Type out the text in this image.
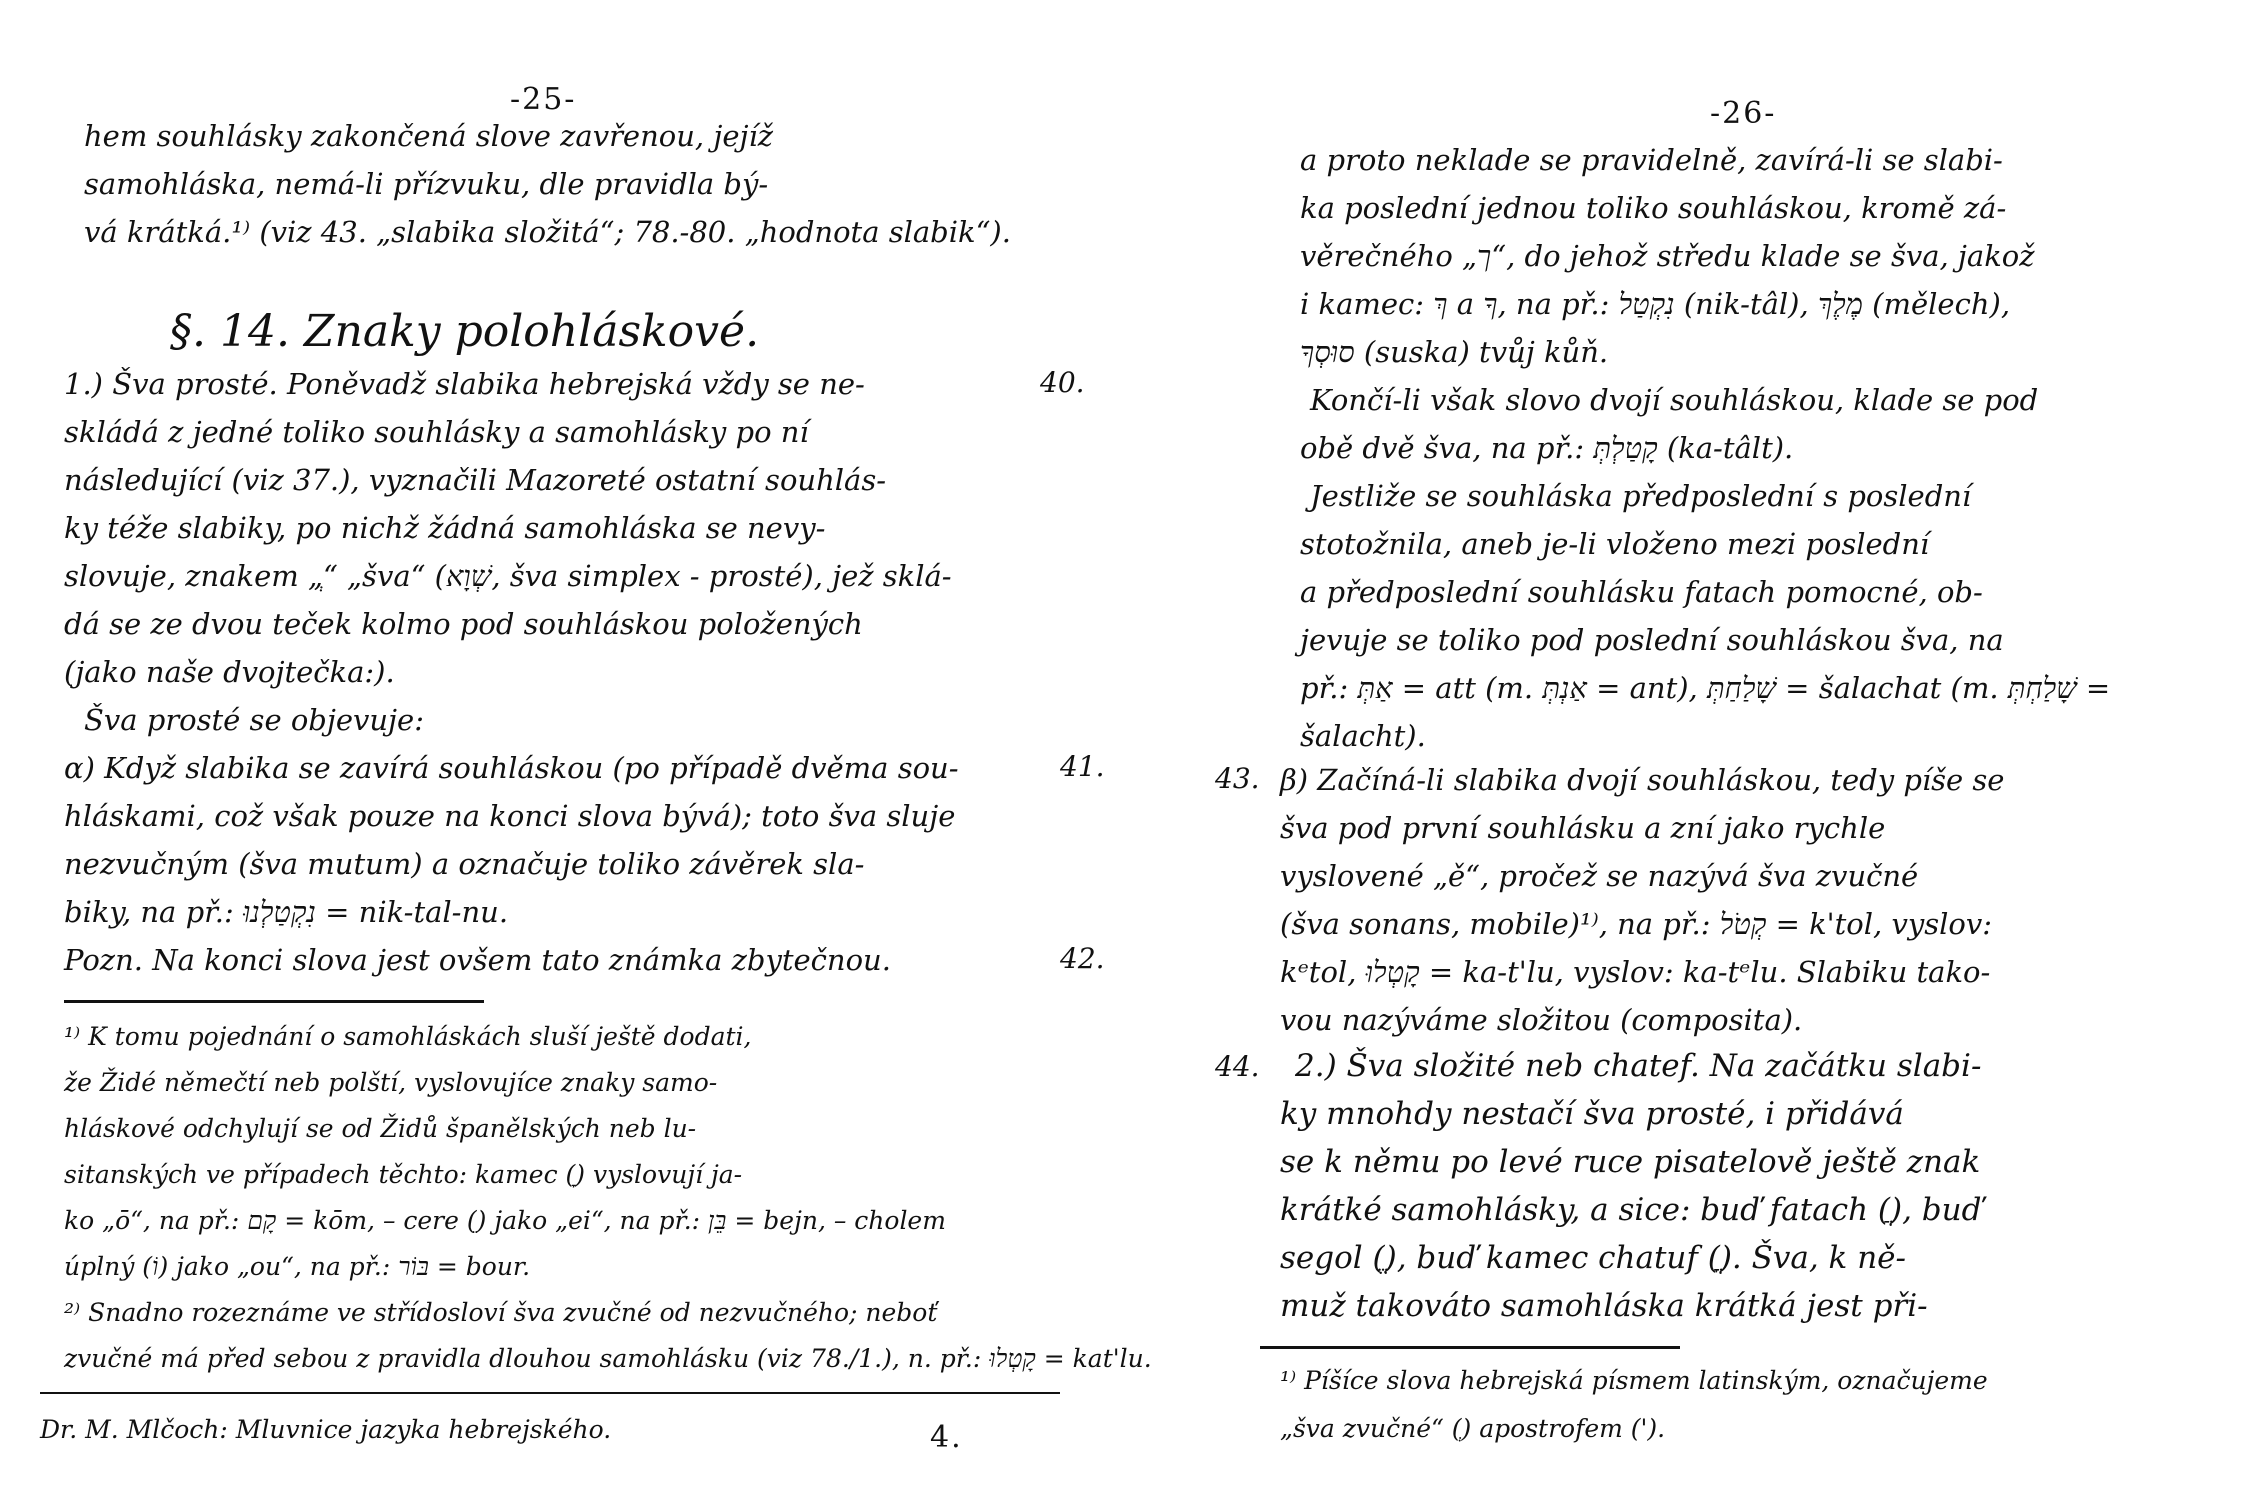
-25-
hem souhlásky zakončená slove zavřenou, jejíž
samohláska, nemá-li přízvuku, dle pravidla bý-
vá krátká.¹⁾ (viz 43. „slabika složitá“; 78.-80. „hodnota slabik“).
§. 14. Znaky polohláskové.
1.) Šva prosté. Poněvadž slabika hebrejská vždy se ne-
skládá z jedné toliko souhlásky a samohlásky po ní
následující (viz 37.), vyznačili Mazoreté ostatní souhlás-
ky téže slabiky, po nichž žádná samohláska se nevy-
slovuje, znakem „ְ“ „šva“ (שְׁוָא, šva simplex - prosté), jež sklá-
dá se ze dvou teček kolmo pod souhláskou položených
(jako naše dvojtečka:).
Šva prosté se objevuje:
α) Když slabika se zavírá souhláskou (po případě dvěma sou-
hláskami, což však pouze na konci slova bývá); toto šva sluje
nezvučným (šva mutum) a označuje toliko závěrek sla-
biky, na př.: נִקְטַלְנוּ = nik-tal-nu.
Pozn. Na konci slova jest ovšem tato známka zbytečnou.
40.
41.
42.
¹⁾ K tomu pojednání o samohláskách sluší ještě dodati,
že Židé němečtí neb polští, vyslovujíce znaky samo-
hláskové odchylují se od Židů španělských neb lu-
sitanských ve případech těchto: kamec (ָ) vyslovují ja-
ko „ō“, na př.: קָם = kōm, – cere (ֵ) jako „ei“, na př.: בֵּן = bejn, – cholem
úplný (וֹ) jako „ou“, na př.: בּוֹר = bour.
²⁾ Snadno rozeznáme ve střídosloví šva zvučné od nezvučného; neboť
zvučné má před sebou z pravidla dlouhou samohlásku (viz 78./1.), n. př.: קָטְלוּ = kat'lu.
Dr. M. Mlčoch: Mluvnice jazyka hebrejského.	4.
-26-
a proto neklade se pravidelně, zavírá-li se slabi-
ka poslední jednou toliko souhláskou, kromě zá-
věrečného „ך“, do jehož středu klade se šva, jakož
i kamec: ךְ a ךָ, na př.: נִקְטַל (nik-tâl), מֶלֶךְ (mělech),
סוּסְךָ (suska) tvůj kůň.
Končí-li však slovo dvojí souhláskou, klade se pod
obě dvě šva, na př.: קָטַלְתְּ (ka-tâlt).
Jestliže se souhláska předposlední s poslední
stotožnila, aneb je-li vloženo mezi poslední
a předposlední souhlásku fatach pomocné, ob-
jevuje se toliko pod poslední souhláskou šva, na
př.: אַתְּ = att (m. אַנְתְּ = ant), שָׁלַחַתְּ = šalachat (m. שָׁלַחְתְּ =
šalacht).
β) Začíná-li slabika dvojí souhláskou, tedy píše se
šva pod první souhlásku a zní jako rychle
vyslovené „ě“, pročež se nazývá šva zvučné
(šva sonans, mobile)¹⁾, na př.: קְטֹל = k'tol, vyslov:
kᵉtol, קָטְלוּ = ka-t'lu, vyslov: ka-tᵉlu. Slabiku tako-
vou nazýváme složitou (composita).
2.) Šva složité neb chatef. Na začátku slabi-
ky mnohdy nestačí šva prosté, i přidává
se k němu po levé ruce pisatelově ještě znak
krátké samohlásky, a sice: buď fatach (ֲ), buď
segol (ֱ), buď kamec chatuf (ֳ). Šva, k ně-
muž takováto samohláska krátká jest při-
43.
44.
¹⁾ Píšíce slova hebrejská písmem latinským, označujeme
„šva zvučné“ (ְ) apostrofem (').
